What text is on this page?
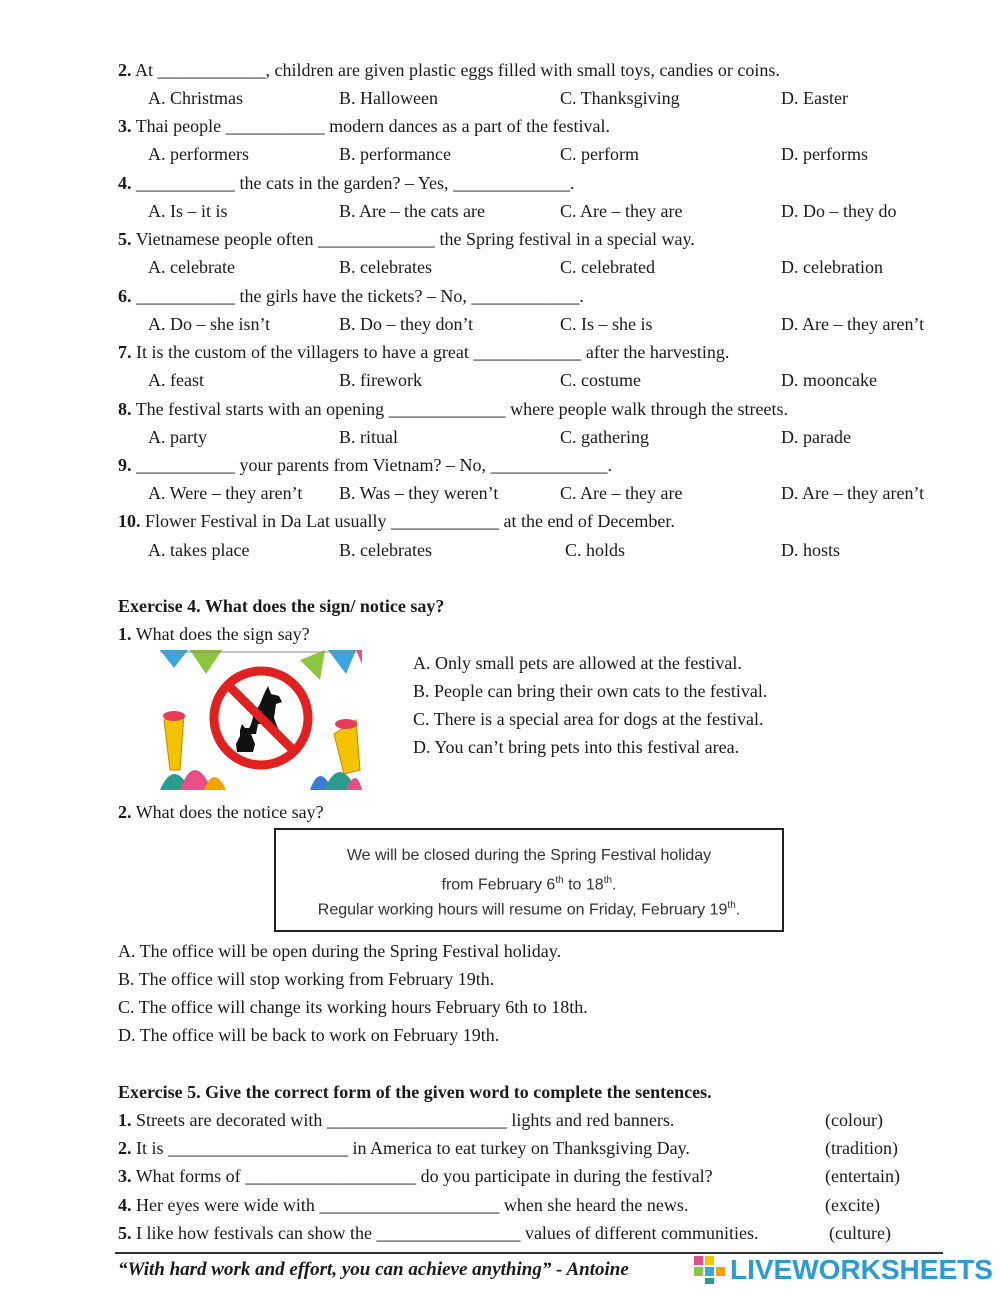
2. At ____________, children are given plastic eggs filled with small toys, candies or coins.
A. Christmas	B. Halloween	C. Thanksgiving	D. Easter
3. Thai people ___________ modern dances as a part of the festival.
A. performers	B. performance	C. perform	D. performs
4. ___________ the cats in the garden? – Yes, _____________.
A. Is – it is	B. Are – the cats are	C. Are – they are	D. Do – they do
5. Vietnamese people often _____________ the Spring festival in a special way.
A. celebrate	B. celebrates	C. celebrated	D. celebration
6. ___________ the girls have the tickets? – No, ____________.
A. Do – she isn’t	B. Do – they don’t	C. Is – she is	D. Are – they aren’t
7. It is the custom of the villagers to have a great ____________ after the harvesting.
A. feast	B. firework	C. costume	D. mooncake
8. The festival starts with an opening _____________ where people walk through the streets.
A. party	B. ritual	C. gathering	D. parade
9. ___________ your parents from Vietnam? – No, _____________.
A. Were – they aren’t B. Was – they weren’t	C. Are – they are	D. Are – they aren’t
10. Flower Festival in Da Lat usually ____________ at the end of December.
A. takes place	B. celebrates	C. holds	D. hosts
Exercise 4. What does the sign/ notice say?
1. What does the sign say?
A. Only small pets are allowed at the festival.
B. People can bring their own cats to the festival.
C. There is a special area for dogs at the festival.
D. You can’t bring pets into this festival area.
2. What does the notice say?
We will be closed during the Spring Festival holiday
from February 6th to 18th.
Regular working hours will resume on Friday, February 19th.
A. The office will be open during the Spring Festival holiday.
B. The office will stop working from February 19th.
C. The office will change its working hours February 6th to 18th.
D. The office will be back to work on February 19th.
Exercise 5. Give the correct form of the given word to complete the sentences.
1. Streets are decorated with ____________________ lights and red banners.	(colour)
2. It is ____________________ in America to eat turkey on Thanksgiving Day.	(tradition)
3. What forms of ___________________ do you participate in during the festival?	(entertain)
4. Her eyes were wide with ____________________ when she heard the news.	(excite)
5. I like how festivals can show the ________________ values of different communities.	(culture)
“With hard work and effort, you can achieve anything” - Antoine	LIVEWORKSHEETS
